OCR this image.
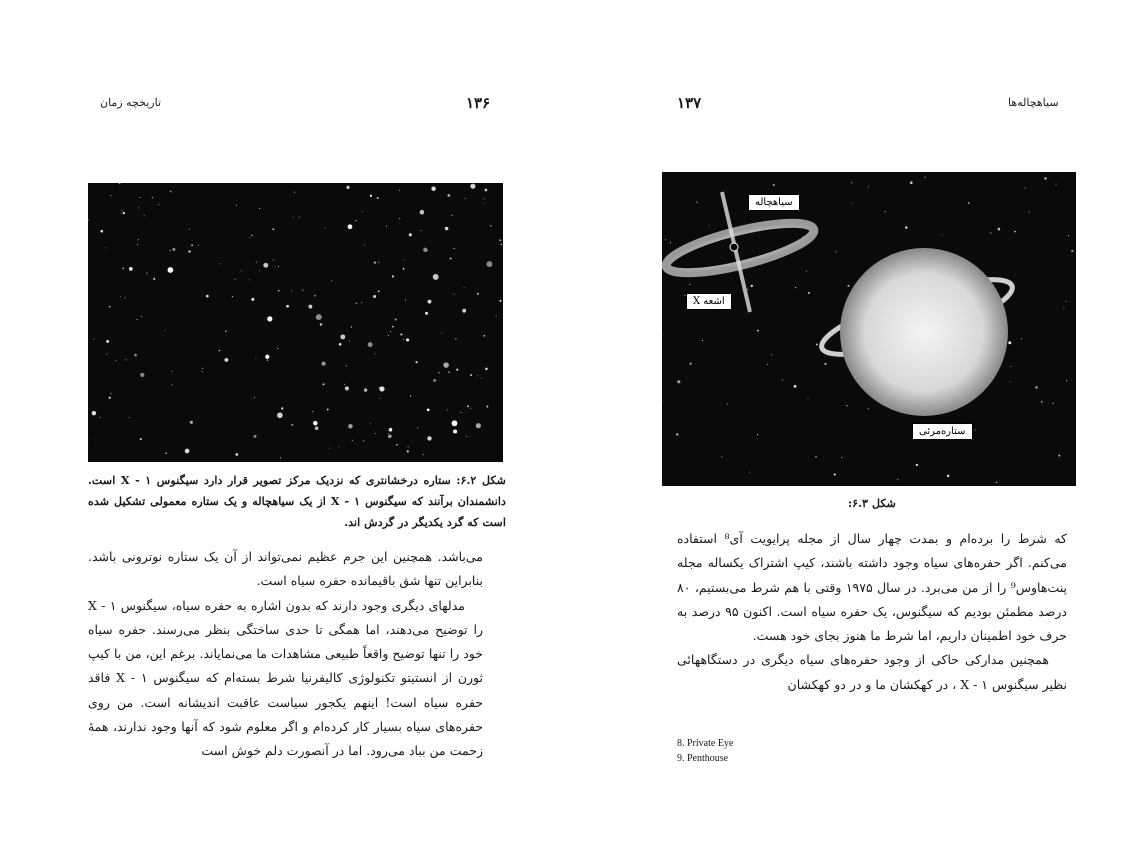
تاریخچه زمان	۱۳۶
شکل ۶.۲: ستاره درخشانتری که نزدیک مرکز تصویر قرار دارد سیگنوس ۱ - X است. دانشمندان برآنند که سیگنوس ۱ - X از یک سیاهچاله و یک ستاره معمولی تشکیل شده است که گرد یکدیگر در گردش اند.

می‌باشد. همچنین این جرم عظیم نمی‌تواند از آن یک ستاره نوترونی باشد. بنابراین تنها شق باقیمانده حفره سیاه است.

مدلهای دیگری وجود دارند که بدون اشاره به حفره سیاه، سیگنوس ۱ - X را توضیح می‌دهند، اما همگی تا حدی ساختگی بنظر می‌رسند. حفره سیاه خود را تنها توضیح واقعاً طبیعی مشاهدات ما می‌نمایاند. برغم این، من با کیپ ثورن از انستیتو تکنولوژی کالیفرنیا شرط بسته‌ام که سیگنوس ۱ - X فاقد حفره سیاه است! اینهم یکجور سیاست عاقبت اندیشانه است. من روی حفره‌های سیاه بسیار کار کرده‌ام و اگر معلوم شود که آنها وجود ندارند، همهٔ زحمت من بباد می‌رود. اما در آنصورت دلم خوش است

۱۳۷	سیاهچاله‌ها
سیاهچاله
اشعه X
ستاره‌مرئی
شکل ۶.۳:

که شرط را برده‌ام و بمدت چهار سال از مجله پرایویت آی⁸ استفاده می‌کنم. اگر حفره‌های سیاه وجود داشته باشند، کیپ اشتراک یکساله مجله پنت‌هاوس⁹ را از من می‌برد. در سال ۱۹۷۵ وقتی با هم شرط می‌بستیم، ۸۰ درصد مطمئن بودیم که سیگنوس، یک حفره سیاه است. اکنون ۹۵ درصد به حرف خود اطمینان داریم، اما شرط ما هنوز بجای خود هست.

همچنین مدارکی حاکی از وجود حفره‌های سیاه دیگری در دستگاههائی نظیر سیگنوس ۱ - X ، در کهکشان ما و در دو کهکشان

8. Private Eye
9. Penthouse
